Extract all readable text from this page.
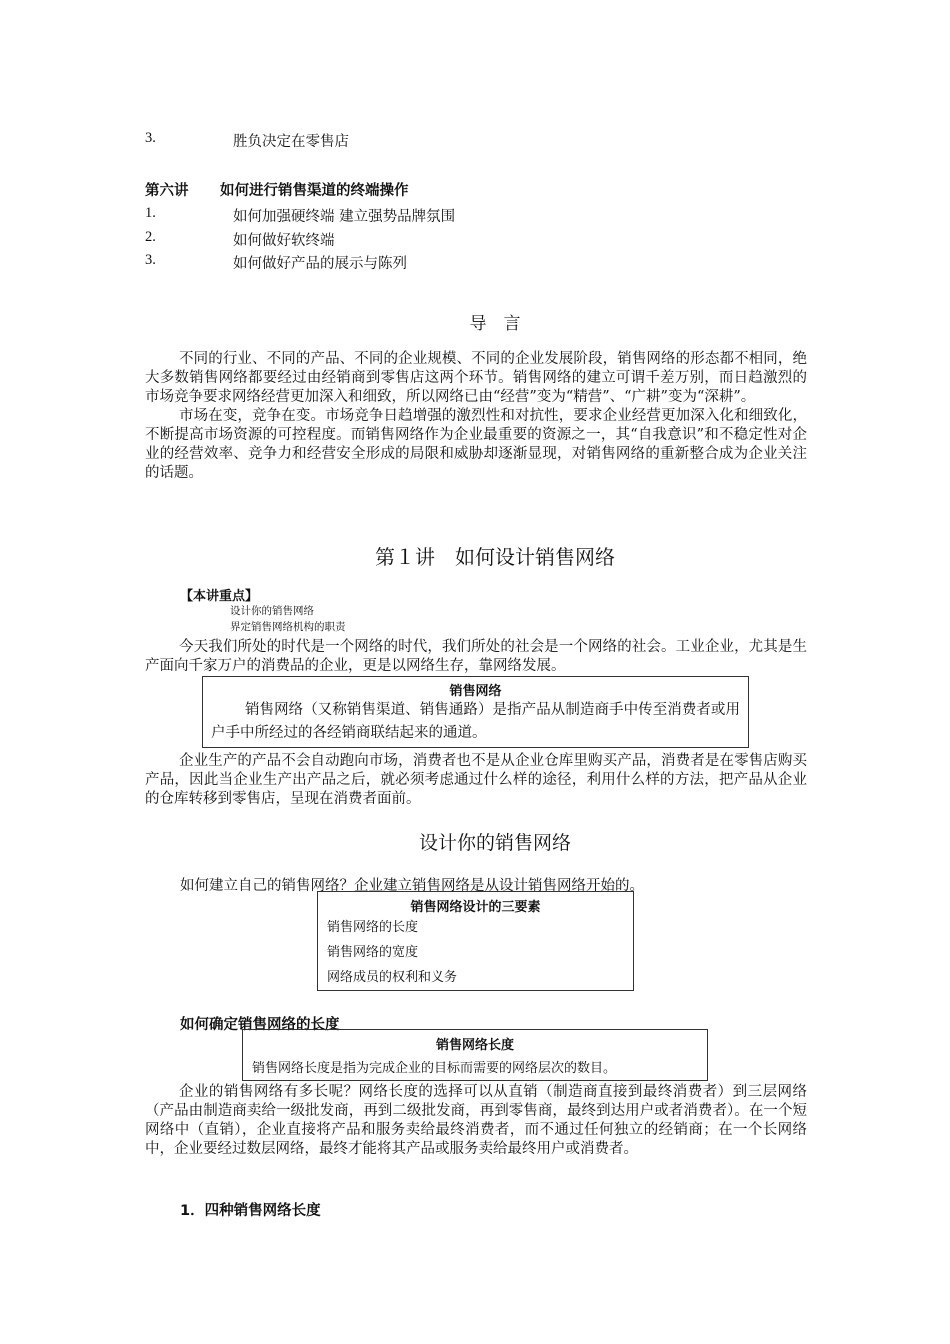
3.	胜负决定在零售店
第六讲 如何进行销售渠道的终端操作
1.	如何加强硬终端 建立强势品牌氛围
2.	如何做好软终端
3.	如何做好产品的展示与陈列
导　言

不同的行业、不同的产品、不同的企业规模、不同的企业发展阶段，销售网络的形态都不相同，绝大多数销售网络都要经过由经销商到零售店这两个环节。销售网络的建立可谓千差万别，而日趋激烈的市场竞争要求网络经营更加深入和细致，所以网络已由“经营”变为“精营”、“广耕”变为“深耕”。

市场在变，竞争在变。市场竞争日趋增强的激烈性和对抗性，要求企业经营更加深入化和细致化，不断提高市场资源的可控程度。而销售网络作为企业最重要的资源之一，其“自我意识”和不稳定性对企业的经营效率、竞争力和经营安全形成的局限和威胁却逐渐显现，对销售网络的重新整合成为企业关注的话题。

第１讲　如何设计销售网络
【本讲重点】
设计你的销售网络
界定销售网络机构的职责

今天我们所处的时代是一个网络的时代，我们所处的社会是一个网络的社会。工业企业，尤其是生产面向千家万户的消费品的企业，更是以网络生存，靠网络发展。

销售网络
销售网络（又称销售渠道、销售通路）是指产品从制造商手中传至消费者或用户手中所经过的各经销商联结起来的通道。

企业生产的产品不会自动跑向市场，消费者也不是从企业仓库里购买产品，消费者是在零售店购买产品，因此当企业生产出产品之后，就必须考虑通过什么样的途径，利用什么样的方法，把产品从企业的仓库转移到零售店，呈现在消费者面前。

设计你的销售网络
如何建立自己的销售网络？企业建立销售网络是从设计销售网络开始的。
销售网络设计的三要素
销售网络的长度
销售网络的宽度
网络成员的权利和义务
如何确定销售网络的长度
销售网络长度
销售网络长度是指为完成企业的目标而需要的网络层次的数目。

企业的销售网络有多长呢？网络长度的选择可以从直销（制造商直接到最终消费者）到三层网络（产品由制造商卖给一级批发商，再到二级批发商，再到零售商，最终到达用户或者消费者）。在一个短网络中（直销），企业直接将产品和服务卖给最终消费者，而不通过任何独立的经销商；在一个长网络中，企业要经过数层网络，最终才能将其产品或服务卖给最终用户或消费者。

1．四种销售网络长度
